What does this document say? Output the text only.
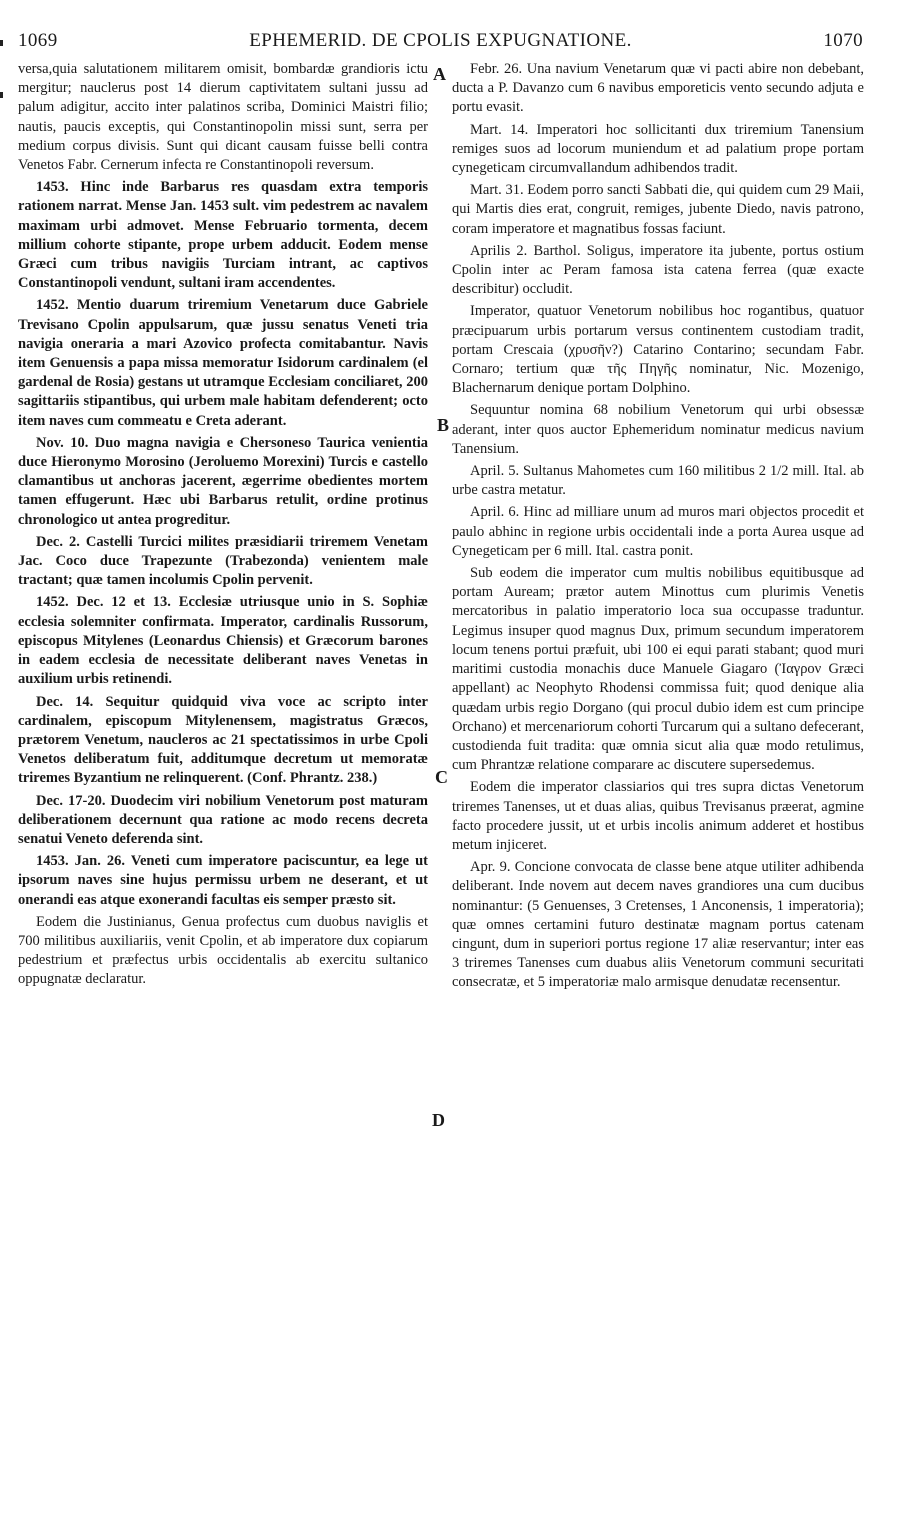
1069	EPHEMERID. DE CPOLIS EXPUGNATIONE.	1070

versa,quia salutationem militarem omisit, bombardæ grandioris ictu mergitur; nauclerus post 14 dierum captivitatem sultani jussu ad palum adigitur, accito inter palatinos scriba, Dominici Maistri filio; nautis, paucis exceptis, qui Constantinopolin missi sunt, serra per medium corpus divisis. Sunt qui dicant causam fuisse belli contra Venetos Fabr. Cernerum infecta re Constantinopoli reversum.

1453. Hinc inde Barbarus res quasdam extra temporis rationem narrat. Mense Jan. 1453 sult. vim pedestrem ac navalem maximam urbi admovet. Mense Februario tormenta, decem millium cohorte stipante, prope urbem adducit. Eodem mense Græci cum tribus navigiis Turciam intrant, ac captivos Constantinopoli vendunt, sultani iram accendentes.

1452. Mentio duarum triremium Venetarum duce Gabriele Trevisano Cpolin appulsarum, quæ jussu senatus Veneti tria navigia oneraria a mari Azovico profecta comitabantur. Navis item Genuensis a papa missa memoratur Isidorum cardinalem (el gardenal de Rosia) gestans ut utramque Ecclesiam conciliaret, 200 sagittariis stipantibus, qui urbem male habitam defenderent; octo item naves cum commeatu e Creta aderant.

Nov. 10. Duo magna navigia e Chersoneso Taurica venientia duce Hieronymo Morosino (Jeroluemo Morexini) Turcis e castello clamantibus ut anchoras jacerent, ægerrime obedientes mortem tamen effugerunt. Hæc ubi Barbarus retulit, ordine protinus chronologico ut antea progreditur.

Dec. 2. Castelli Turcici milites præsidiarii triremem Venetam Jac. Coco duce Trapezunte (Trabezonda) venientem male tractant; quæ tamen incolumis Cpolin pervenit.

1452. Dec. 12 et 13. Ecclesiæ utriusque unio in S. Sophiæ ecclesia solemniter confirmata. Imperator, cardinalis Russorum, episcopus Mitylenes (Leonardus Chiensis) et Græcorum barones in eadem ecclesia de necessitate deliberant naves Venetas in auxilium urbis retinendi.

Dec. 14. Sequitur quidquid viva voce ac scripto inter cardinalem, episcopum Mitylenensem, magistratus Græcos, prætorem Venetum, naucleros ac 21 spectatissimos in urbe Cpoli Venetos deliberatum fuit, additumque decretum ut memoratæ triremes Byzantium ne relinquerent. (Conf. Phrantz. 238.)

Dec. 17-20. Duodecim viri nobilium Venetorum post maturam deliberationem decernunt qua ratione ac modo recens decreta senatui Veneto deferenda sint.

1453. Jan. 26. Veneti cum imperatore paciscuntur, ea lege ut ipsorum naves sine hujus permissu urbem ne deserant, et ut onerandi eas atque exonerandi facultas eis semper præsto sit.

Eodem die Justinianus, Genua profectus cum duobus naviglis et 700 militibus auxiliariis, venit Cpolin, et ab imperatore dux copiarum pedestrium et præfectus urbis occidentalis ab exercitu sultanico oppugnatæ declaratur.

A
B
C
D

Febr. 26. Una navium Venetarum quæ vi pacti abire non debebant, ducta a P. Davanzo cum 6 navibus emporeticis vento secundo adjuta e portu evasit.

Mart. 14. Imperatori hoc sollicitanti dux triremium Tanensium remiges suos ad locorum muniendum et ad palatium prope portam cynegeticam circumvallandum adhibendos tradit.

Mart. 31. Eodem porro sancti Sabbati die, qui quidem cum 29 Maii, qui Martis dies erat, congruit, remiges, jubente Diedo, navis patrono, coram imperatore et magnatibus fossas faciunt.

Aprilis 2. Barthol. Soligus, imperatore ita jubente, portus ostium Cpolin inter ac Peram famosa ista catena ferrea (quæ exacte describitur) occludit.

Imperator, quatuor Venetorum nobilibus hoc rogantibus, quatuor præcipuarum urbis portarum versus continentem custodiam tradit, portam Crescaia (χρυσῆν?) Catarino Contarino; secundam Fabr. Cornaro; tertium quæ τῆς Πηγῆς nominatur, Nic. Mozenigo, Blachernarum denique portam Dolphino.

Sequuntur nomina 68 nobilium Venetorum qui urbi obsessæ aderant, inter quos auctor Ephemeridum nominatur medicus navium Tanensium.

April. 5. Sultanus Mahometes cum 160 militibus 2 1/2 mill. Ital. ab urbe castra metatur.

April. 6. Hinc ad milliare unum ad muros mari objectos procedit et paulo abhinc in regione urbis occidentali inde a porta Aurea usque ad Cynegeticam per 6 mill. Ital. castra ponit.

Sub eodem die imperator cum multis nobilibus equitibusque ad portam Auream; prætor autem Minottus cum plurimis Venetis mercatoribus in palatio imperatorio loca sua occupasse traduntur. Legimus insuper quod magnus Dux, primum secundum imperatorem locum tenens portui præfuit, ubi 100 ei equi parati stabant; quod muri maritimi custodia monachis duce Manuele Giagaro (Ἰαγρον Græci appellant) ac Neophyto Rhodensi commissa fuit; quod denique alia quædam urbis regio Dorgano (qui procul dubio idem est cum principe Orchano) et mercenariorum cohorti Turcarum qui a sultano defecerant, custodienda fuit tradita: quæ omnia sicut alia quæ modo retulimus, cum Phrantzæ relatione comparare ac discutere supersedemus.

Eodem die imperator classiarios qui tres supra dictas Venetorum triremes Tanenses, ut et duas alias, quibus Trevisanus præerat, agmine facto procedere jussit, ut et urbis incolis animum adderet et hostibus metum injiceret.

Apr. 9. Concione convocata de classe bene atque utiliter adhibenda deliberant. Inde novem aut decem naves grandiores una cum ducibus nominantur: (5 Genuenses, 3 Cretenses, 1 Anconensis, 1 imperatoria); quæ omnes certamini futuro destinatæ magnam portus catenam cingunt, dum in superiori portus regione 17 aliæ reservantur; inter eas 3 triremes Tanenses cum duabus aliis Venetorum communi securitati consecratæ, et 5 imperatoriæ malo armisque denudatæ recensentur.
